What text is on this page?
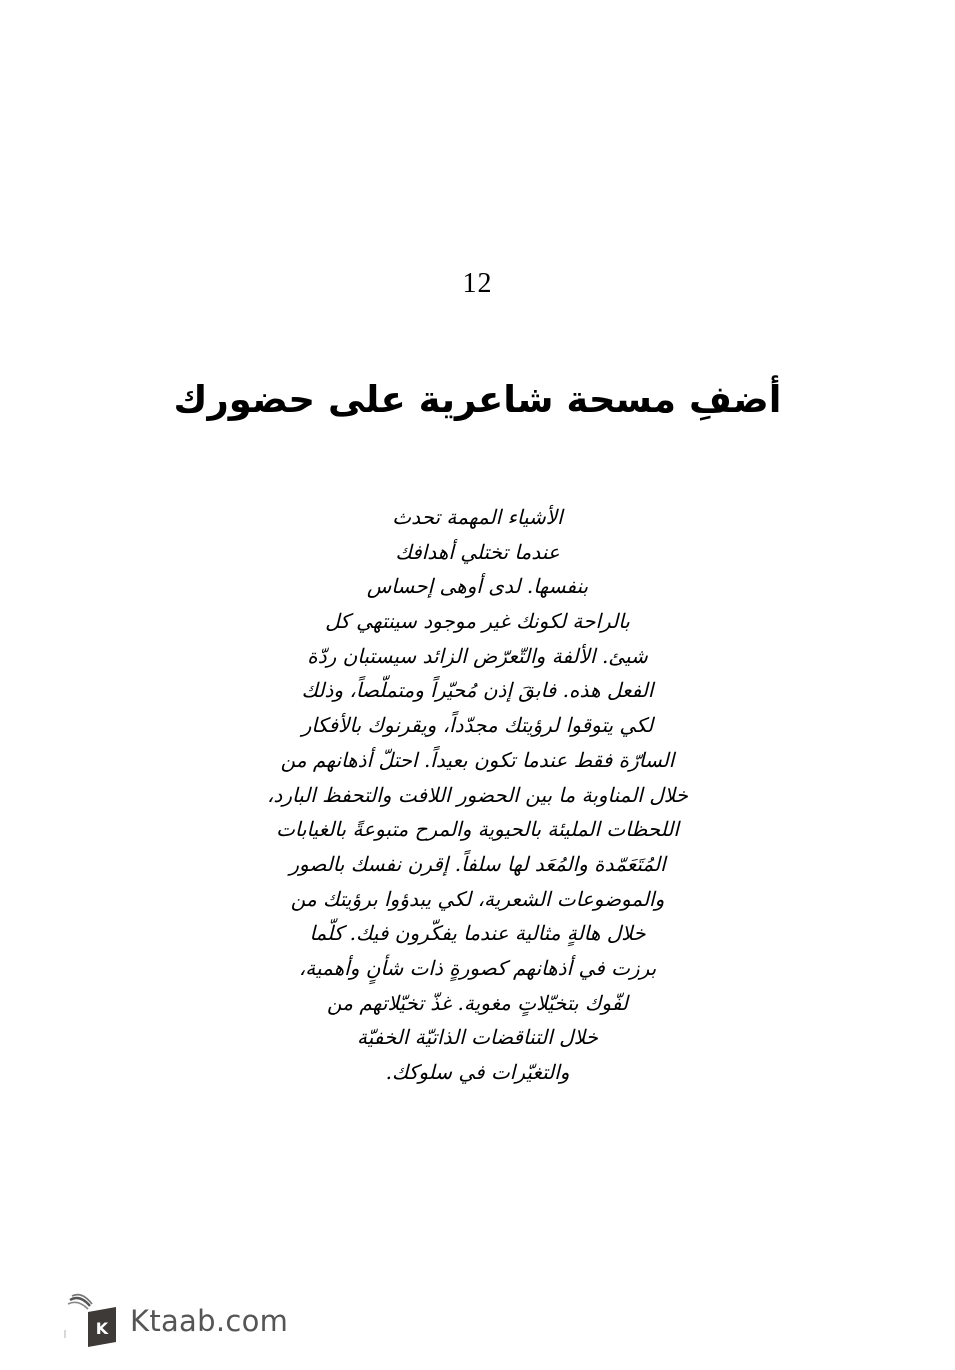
12
أضفِ مسحة شاعرية على حضورك
الأشياء المهمة تحدث
عندما تختلي أهدافك
بنفسها. لدى أوهى إحساس
بالراحة لكونك غير موجود سينتهي كل
شيئ. الألفة والتّعرّض الزائد سيستبان ردّة
الفعل هذه. فابقَ إذن مُحيّراً ومتملّصاً، وذلك
لكي يتوقوا لرؤيتك مجدّداً، ويقرنوك بالأفكار
السارّة فقط عندما تكون بعيداً. احتلّ أذهانهم من
خلال المناوبة ما بين الحضور اللافت والتحفظ البارد،
اللحظات المليئة بالحيوية والمرح متبوعةً بالغيابات
المُتَعَمّدة والمُعَد لها سلفاً. إقرن نفسك بالصور
والموضوعات الشعرية، لكي يبدؤوا برؤيتك من
خلال هالةٍ مثالية عندما يفكّرون فيك. كلّما
برزت في أذهانهم كصورةٍ ذات شأنٍ وأهمية،
لفّوك بتخيّلاتٍ مغوية. غذّ تخيّلاتهم من
خلال التناقضات الذاتيّة الخفيّة
والتغيّرات في سلوكك.
K Ktaab.com
